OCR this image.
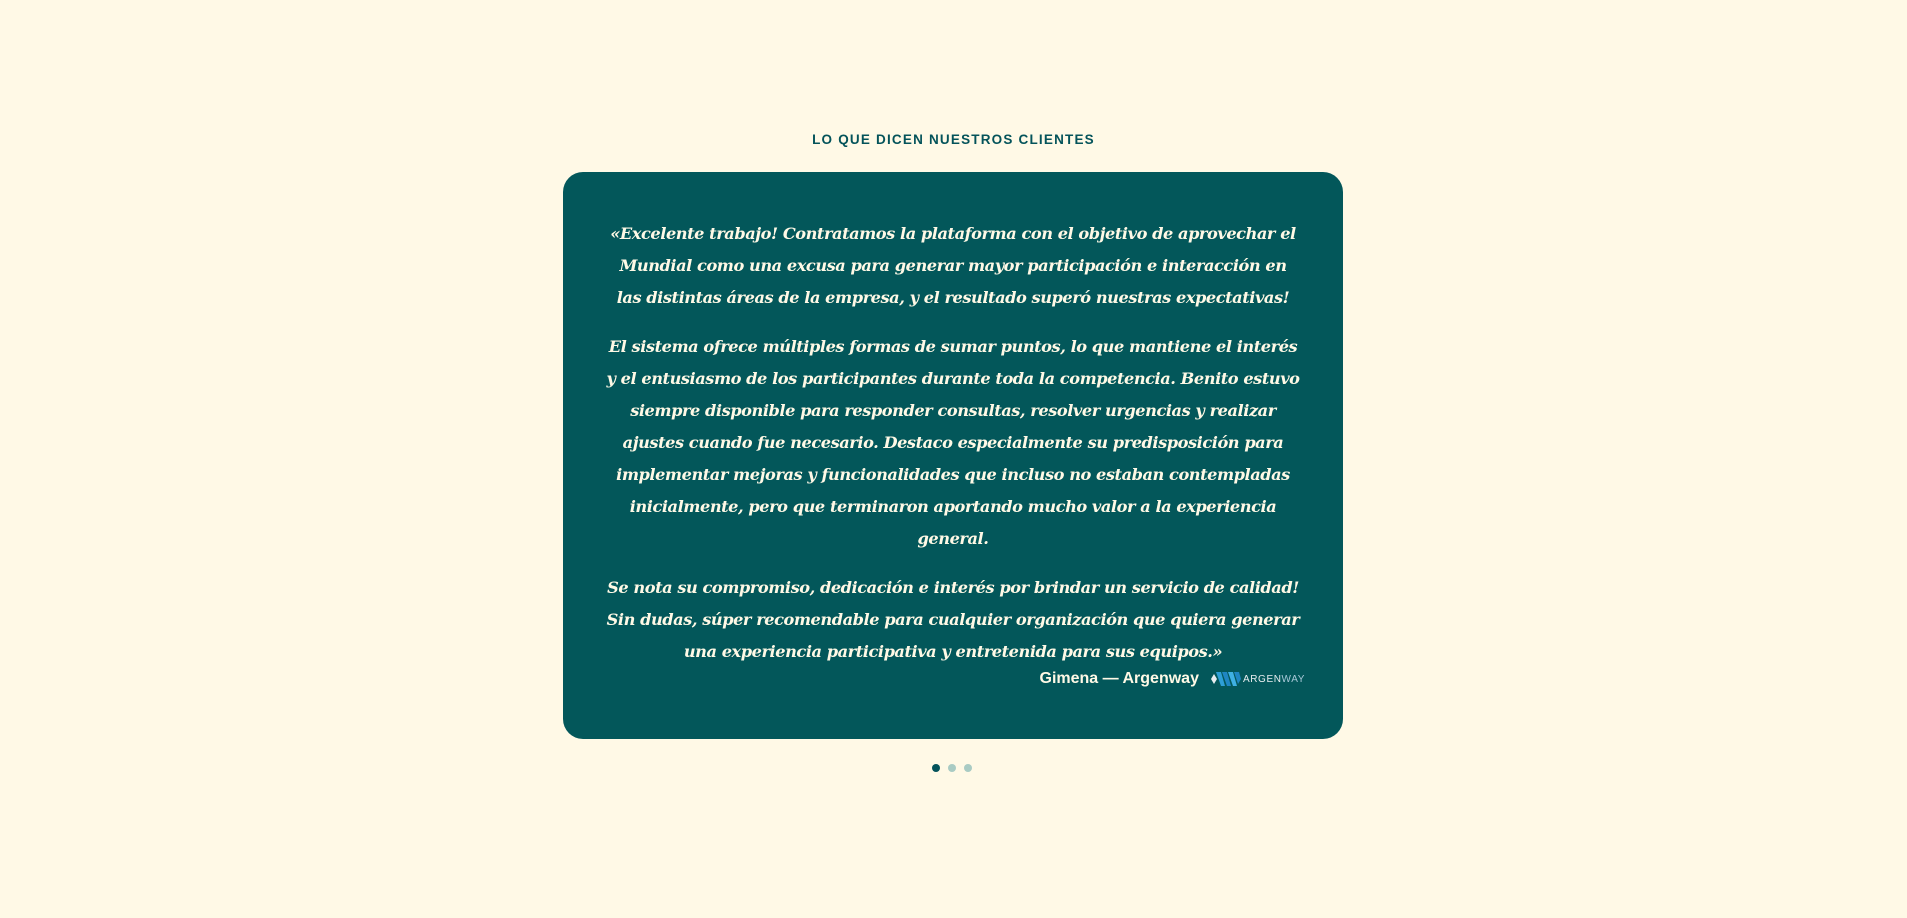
LO QUE DICEN NUESTROS CLIENTES

«Excelente trabajo! Contratamos la plataforma con el objetivo de aprovechar el Mundial como una excusa para generar mayor participación e interacción en las distintas áreas de la empresa, y el resultado superó nuestras expectativas!

El sistema ofrece múltiples formas de sumar puntos, lo que mantiene el interés y el entusiasmo de los participantes durante toda la competencia. Benito estuvo siempre disponible para responder consultas, resolver urgencias y realizar ajustes cuando fue necesario. Destaco especialmente su predisposición para implementar mejoras y funcionalidades que incluso no estaban contempladas inicialmente, pero que terminaron aportando mucho valor a la experiencia general.

Se nota su compromiso, dedicación e interés por brindar un servicio de calidad! Sin dudas, súper recomendable para cualquier organización que quiera generar una experiencia participativa y entretenida para sus equipos.»

Gimena — Argenway	ARGENWAY
